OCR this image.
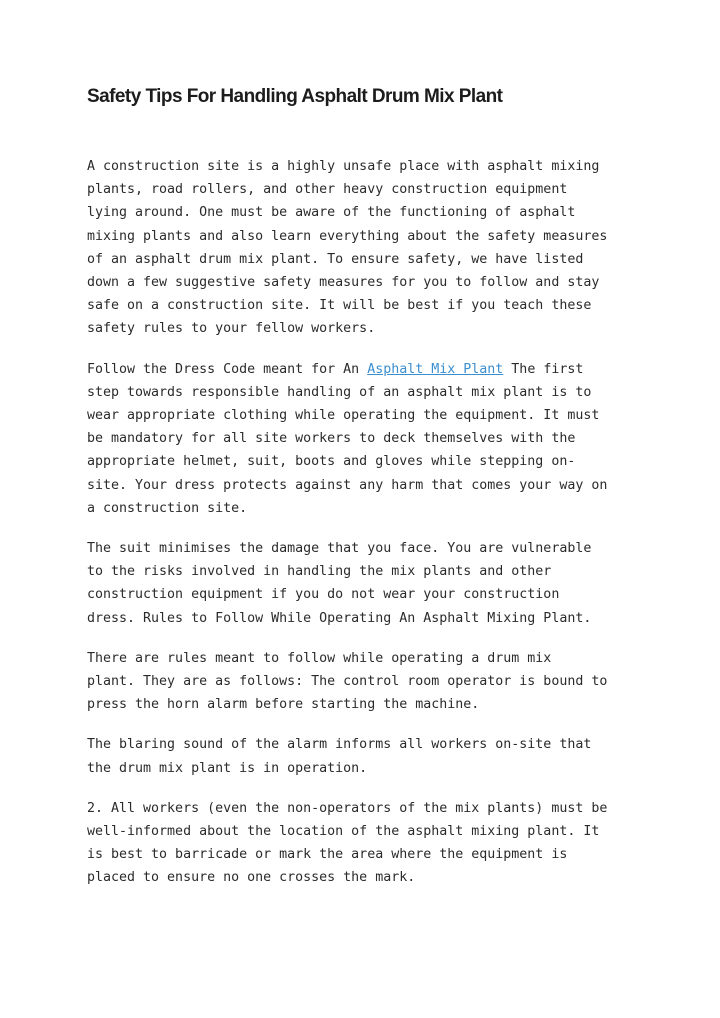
Safety Tips For Handling Asphalt Drum Mix Plant

A construction site is a highly unsafe place with asphalt mixing
plants, road rollers, and other heavy construction equipment
lying around. One must be aware of the functioning of asphalt
mixing plants and also learn everything about the safety measures
of an asphalt drum mix plant. To ensure safety, we have listed
down a few suggestive safety measures for you to follow and stay
safe on a construction site. It will be best if you teach these
safety rules to your fellow workers.

Follow the Dress Code meant for An Asphalt Mix Plant The first
step towards responsible handling of an asphalt mix plant is to
wear appropriate clothing while operating the equipment. It must
be mandatory for all site workers to deck themselves with the
appropriate helmet, suit, boots and gloves while stepping on-
site. Your dress protects against any harm that comes your way on
a construction site.

The suit minimises the damage that you face. You are vulnerable
to the risks involved in handling the mix plants and other
construction equipment if you do not wear your construction
dress. Rules to Follow While Operating An Asphalt Mixing Plant.

There are rules meant to follow while operating a drum mix
plant. They are as follows: The control room operator is bound to
press the horn alarm before starting the machine.

The blaring sound of the alarm informs all workers on-site that
the drum mix plant is in operation.

2. All workers (even the non-operators of the mix plants) must be
well-informed about the location of the asphalt mixing plant. It
is best to barricade or mark the area where the equipment is
placed to ensure no one crosses the mark.
